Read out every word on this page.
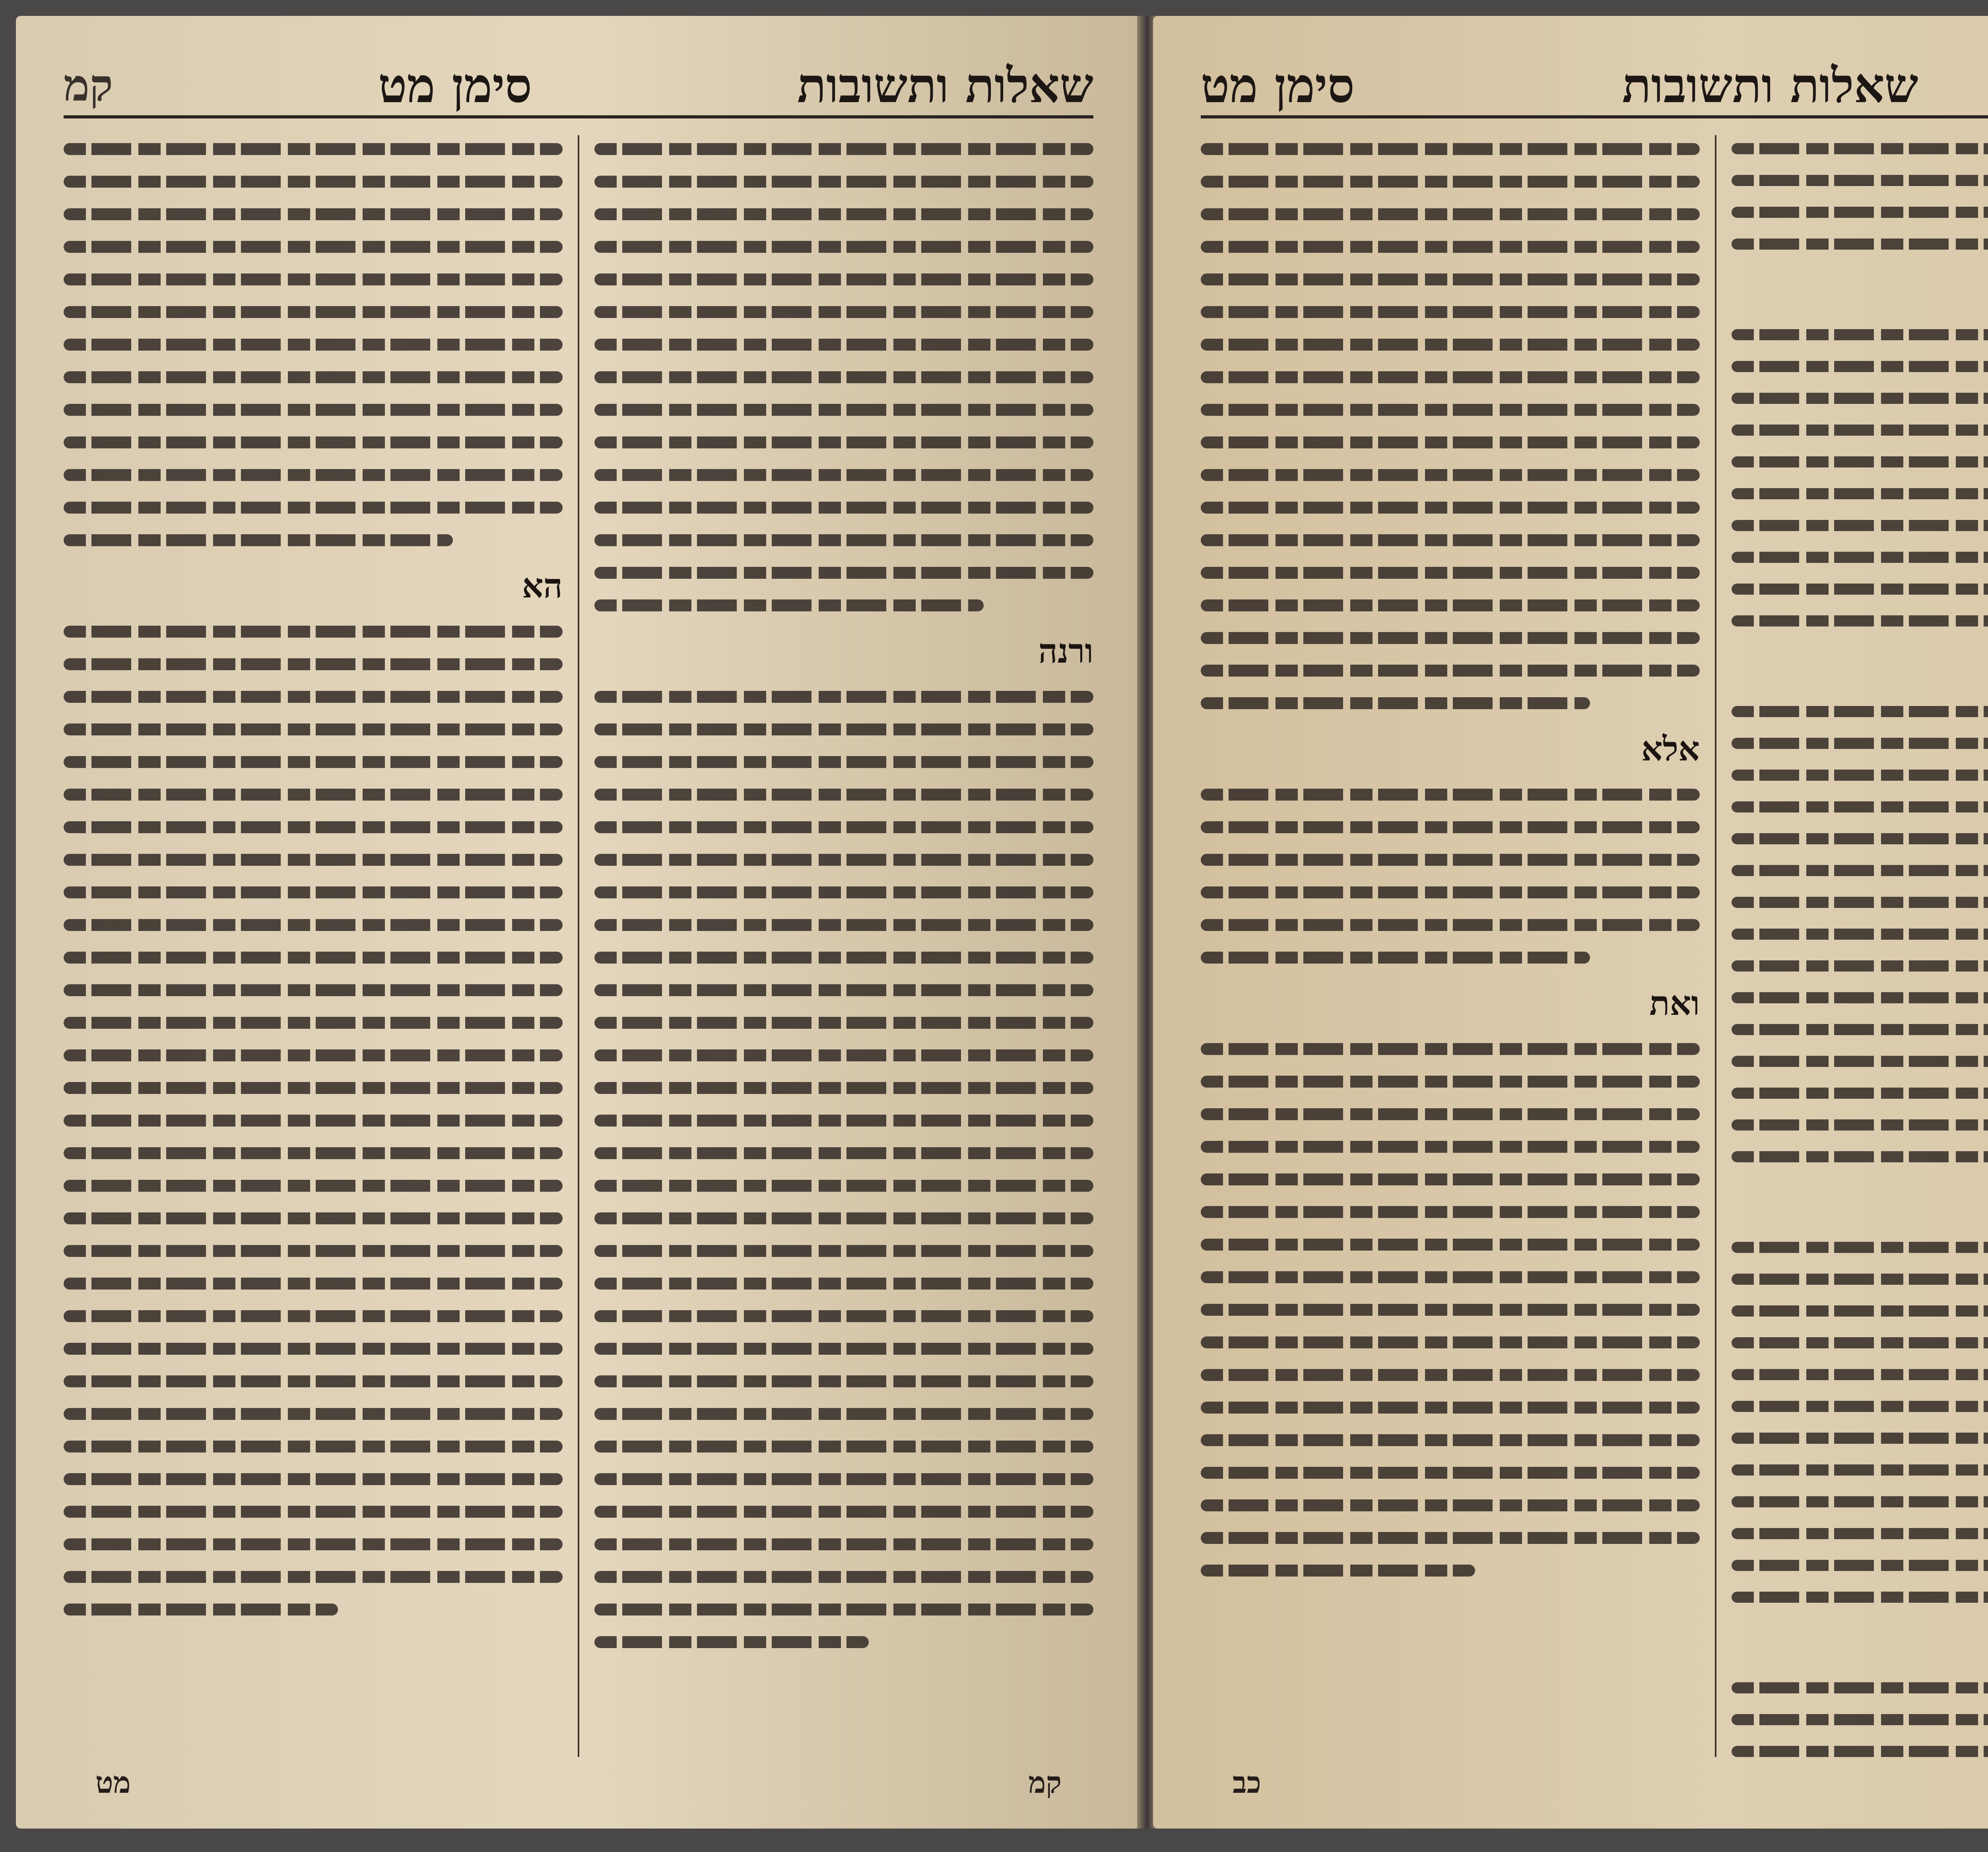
שאלות ותשובות
סימן מט
קמ
ורנה
הא
קמ
מט
שאלות ותשובות
סימן מט
אלא
ואת
כב
